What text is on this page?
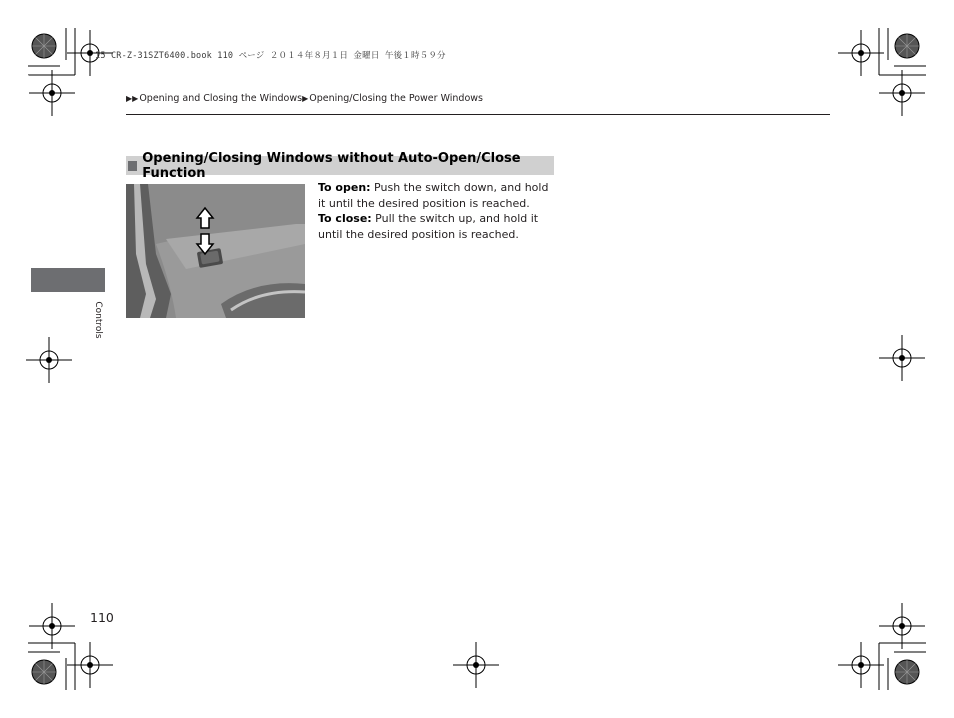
15 CR-Z-31SZT6400.book 110 ページ ２０１４年８月１日 金曜日 午後１時５９分
▶▶ Opening and Closing the Windows ▶ Opening/Closing the Power Windows
Opening/Closing Windows without Auto-Open/Close Function
To open: Push the switch down, and hold it until the desired position is reached.
To close: Pull the switch up, and hold it until the desired position is reached.
Controls
110
